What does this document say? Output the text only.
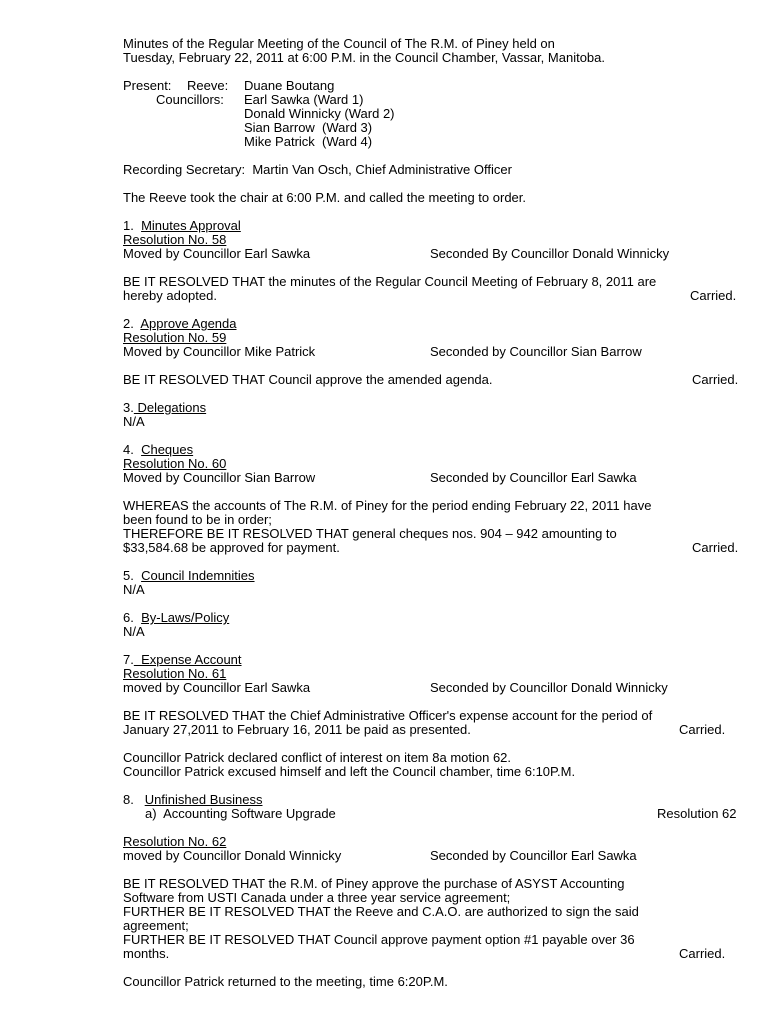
Minutes of the Regular Meeting of the Council of The R.M. of Piney held on
Tuesday, February 22, 2011 at 6:00 P.M. in the Council Chamber, Vassar, Manitoba.
Present: Reeve: Duane Boutang
Councillors: Earl Sawka (Ward 1)
Donald Winnicky (Ward 2)
Sian Barrow  (Ward 3)
Mike Patrick  (Ward 4)
Recording Secretary:  Martin Van Osch, Chief Administrative Officer
The Reeve took the chair at 6:00 P.M. and called the meeting to order.
1. Minutes Approval
Resolution No. 58
Moved by Councillor Earl Sawka	Seconded By Councillor Donald Winnicky
BE IT RESOLVED THAT the minutes of the Regular Council Meeting of February 8, 2011 are
hereby adopted.	Carried.
2. Approve Agenda
Resolution No. 59
Moved by Councillor Mike Patrick	Seconded by Councillor Sian Barrow
BE IT RESOLVED THAT Council approve the amended agenda.	Carried.
3. Delegations
N/A
4. Cheques
Resolution No. 60
Moved by Councillor Sian Barrow	Seconded by Councillor Earl Sawka
WHEREAS the accounts of The R.M. of Piney for the period ending February 22, 2011 have
been found to be in order;
THEREFORE BE IT RESOLVED THAT general cheques nos. 904 – 942 amounting to
$33,584.68 be approved for payment.	Carried.
5. Council Indemnities
N/A
6. By-Laws/Policy
N/A
7.  Expense Account
Resolution No. 61
moved by Councillor Earl Sawka	Seconded by Councillor Donald Winnicky
BE IT RESOLVED THAT the Chief Administrative Officer's expense account for the period of
January 27,2011 to February 16, 2011 be paid as presented.	Carried.
Councillor Patrick declared conflict of interest on item 8a motion 62.
Councillor Patrick excused himself and left the Council chamber, time 6:10P.M.
8. Unfinished Business
a)  Accounting Software Upgrade	Resolution 62
Resolution No. 62
moved by Councillor Donald Winnicky	Seconded by Councillor Earl Sawka
BE IT RESOLVED THAT the R.M. of Piney approve the purchase of ASYST Accounting
Software from USTI Canada under a three year service agreement;
FURTHER BE IT RESOLVED THAT the Reeve and C.A.O. are authorized to sign the said
agreement;
FURTHER BE IT RESOLVED THAT Council approve payment option #1 payable over 36
months.	Carried.
Councillor Patrick returned to the meeting, time 6:20P.M.
